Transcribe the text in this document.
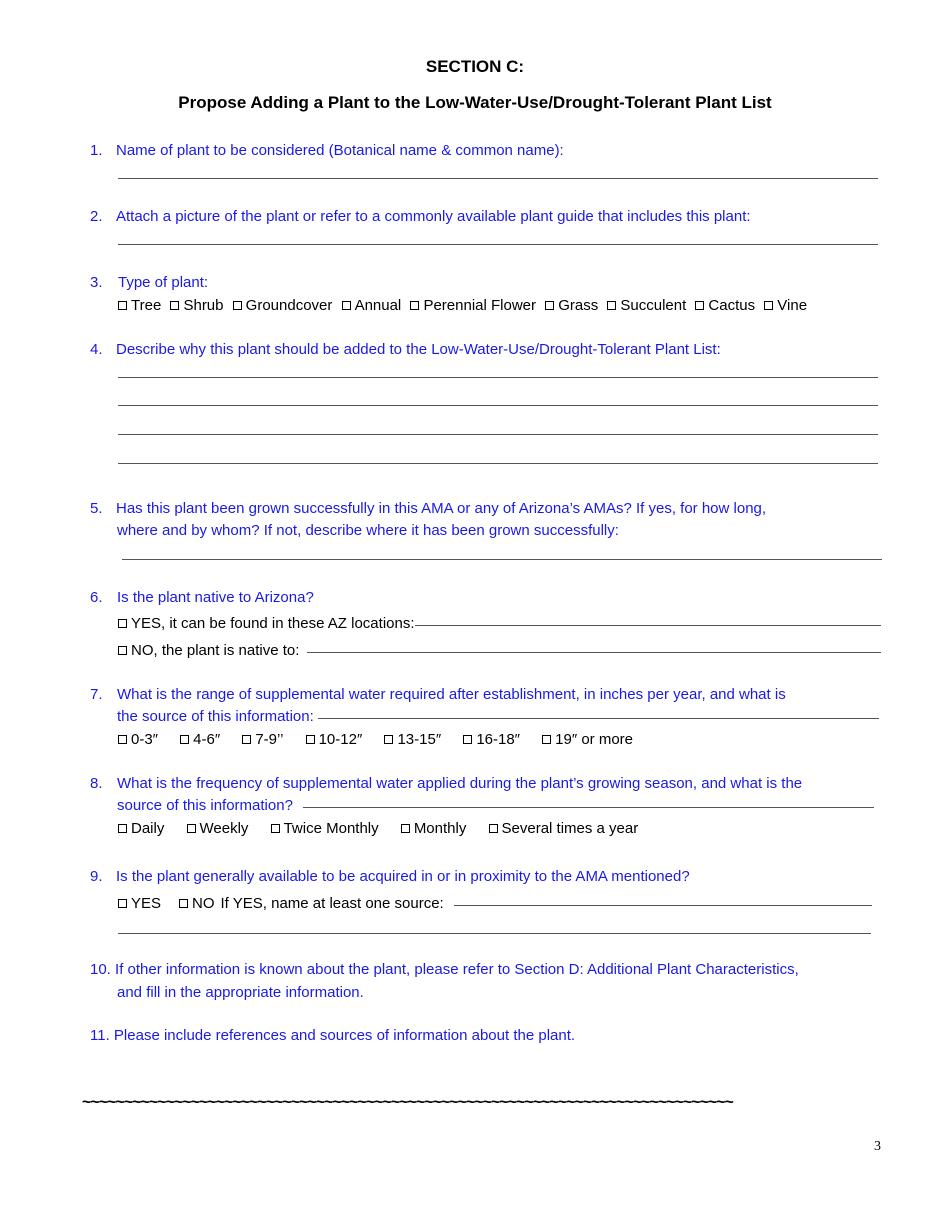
SECTION C:
Propose Adding a Plant to the Low-Water-Use/Drought-Tolerant Plant List
1. Name of plant to be considered (Botanical name & common name):
2. Attach a picture of the plant or refer to a commonly available plant guide that includes this plant:
3. Type of plant:
Tree Shrub Groundcover Annual Perennial Flower Grass Succulent Cactus Vine
4. Describe why this plant should be added to the Low-Water-Use/Drought-Tolerant Plant List:
5. Has this plant been grown successfully in this AMA or any of Arizona’s AMAs? If yes, for how long,
where and by whom? If not, describe where it has been grown successfully:
6. Is the plant native to Arizona?
YES, it can be found in these AZ locations:
NO, the plant is native to:
7. What is the range of supplemental water required after establishment, in inches per year, and what is
the source of this information:
0-3″ 4-6″ 7-9’’ 10-12″ 13-15″ 16-18″ 19″ or more
8. What is the frequency of supplemental water applied during the plant’s growing season, and what is the
source of this information?
Daily Weekly Twice Monthly Monthly Several times a year
9. Is the plant generally available to be acquired in or in proximity to the AMA mentioned?
YES	NO If YES, name at least one source:
10. If other information is known about the plant, please refer to Section D: Additional Plant Characteristics,
and fill in the appropriate information.
11. Please include references and sources of information about the plant.
~~~~~~~~~~~~~~~~~~~~~~~~~~~~~~~~~~~~~~~~~~~~~~~~~~~~~~~~~~~~~~~~~~~~~~~~~~~~~~
3
